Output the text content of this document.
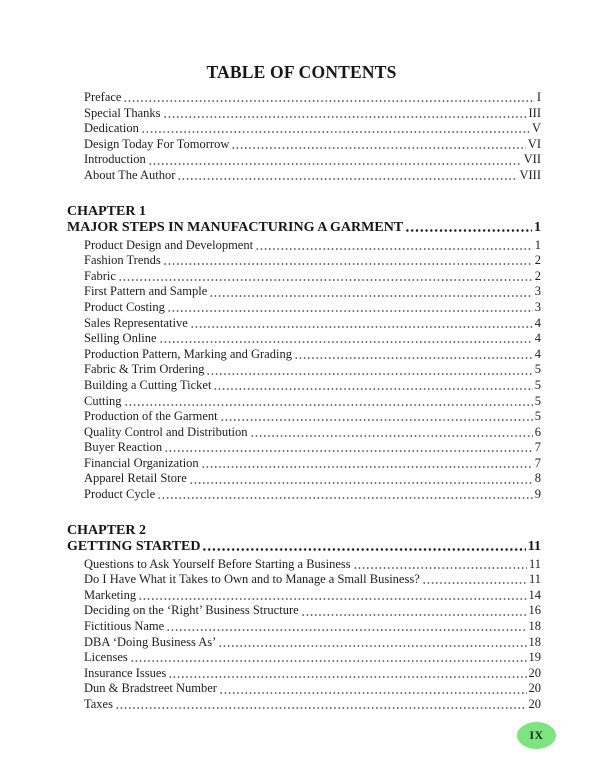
TABLE OF CONTENTS
Preface	I
Special Thanks	III
Dedication	V
Design Today For Tomorrow	VI
Introduction	VII
About The Author	VIII
CHAPTER 1
MAJOR STEPS IN MANUFACTURING A GARMENT	1
Product Design and Development	1
Fashion Trends	2
Fabric	2
First Pattern and Sample	3
Product Costing	3
Sales Representative	4
Selling Online	4
Production Pattern, Marking and Grading	4
Fabric & Trim Ordering	5
Building a Cutting Ticket	5
Cutting	5
Production of the Garment	5
Quality Control and Distribution	6
Buyer Reaction	7
Financial Organization	7
Apparel Retail Store	8
Product Cycle	9
CHAPTER 2
GETTING STARTED	11
Questions to Ask Yourself Before Starting a Business	11
Do I Have What it Takes to Own and to Manage a Small Business?	11
Marketing	14
Deciding on the ‘Right’ Business Structure	16
Fictitious Name	18
DBA ‘Doing Business As’	18
Licenses	19
Insurance Issues	20
Dun & Bradstreet Number	20
Taxes	20
IX
